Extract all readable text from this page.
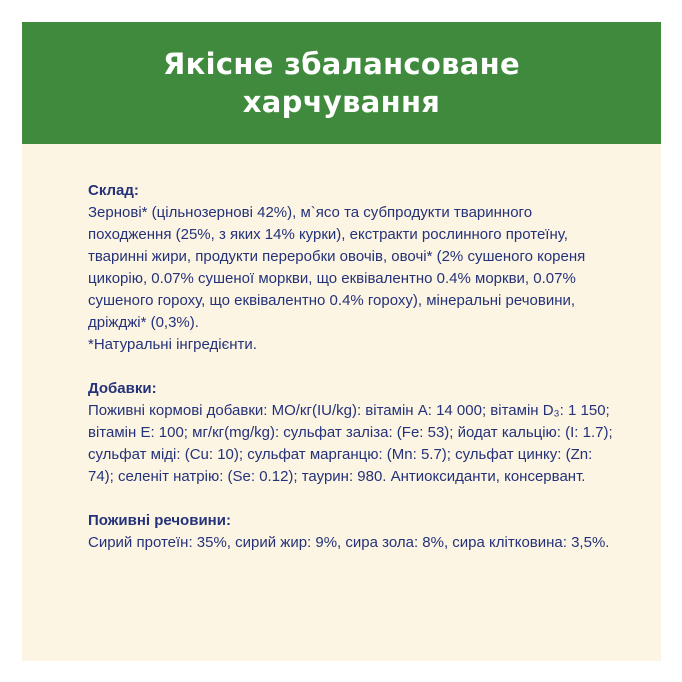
Якісне збалансоване харчування

Склад:

Зернові* (цільнозернові 42%), м`ясо та субпродукти тваринного походження (25%, з яких 14% курки), екстракти рослинного протеїну, тваринні жири, продукти переробки овочів, овочі* (2% сушеного кореня цикорію, 0.07% сушеної моркви, що еквівалентно 0.4% моркви, 0.07% сушеного гороху, що еквівалентно 0.4% гороху), мінеральні речовини, дріжджі* (0,3%).

*Натуральні інгредієнти.

Добавки:

Поживні кормові добавки: МО/кг(IU/kg): вітамін А: 14 000; вітамін D₃: 1 150; вітамін Е: 100; мг/кг(mg/kg): сульфат заліза: (Fe: 53); йодат кальцію: (I: 1.7); сульфат міді: (Cu: 10); сульфат марганцю: (Mn: 5.7); сульфат цинку: (Zn: 74); селеніт натрію: (Se: 0.12); таурин: 980. Антиоксиданти, консервант.

Поживні речовини:

Сирий протеїн: 35%, сирий жир: 9%, сира зола: 8%, сира клітковина: 3,5%.
